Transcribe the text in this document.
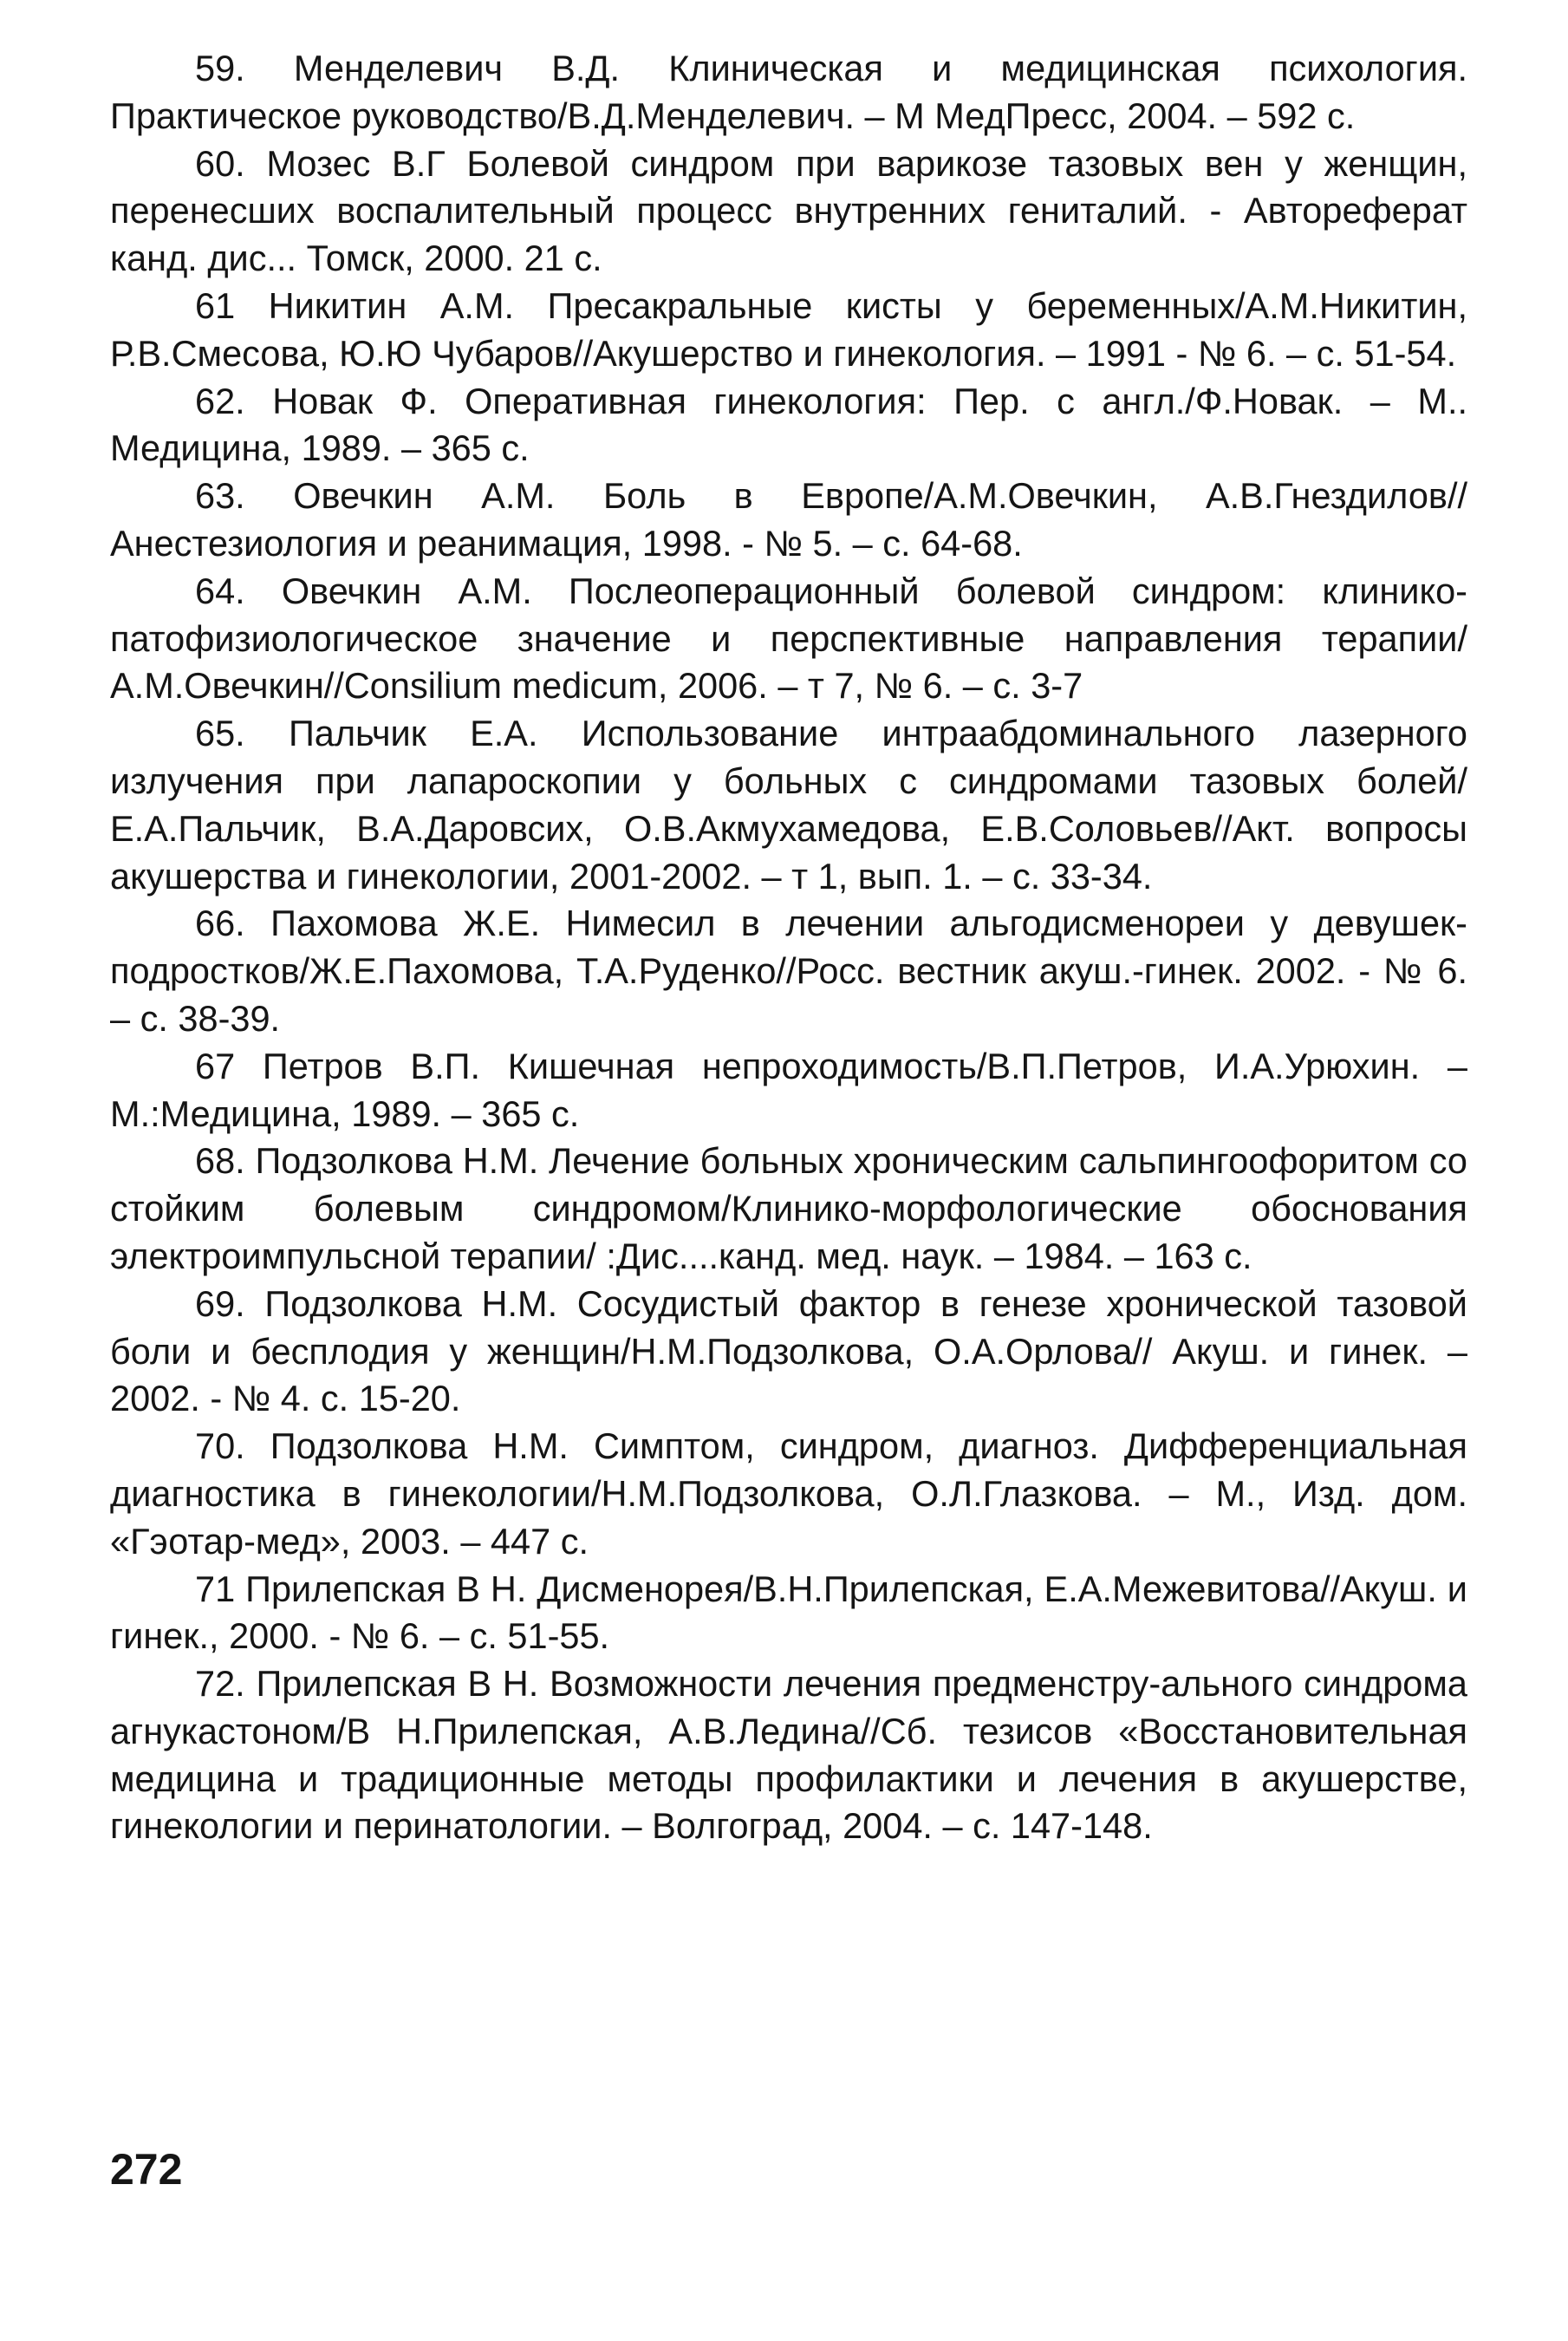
59. Менделевич В.Д. Клиническая и медицинская психология. Практическое руководство/В.Д.Менделевич. – М МедПресс, 2004. – 592 с.
60. Мозес В.Г Болевой синдром при варикозе тазовых вен у женщин, перенесших воспалительный процесс внутренних гениталий. - Автореферат канд. дис... Томск, 2000. 21 с.
61 Никитин А.М. Пресакральные кисты у беременных/А.М.Никитин, Р.В.Смесова, Ю.Ю Чубаров//Акушерство и гинекология. – 1991 - № 6. – с. 51-54.
62. Новак Ф. Оперативная гинекология: Пер. с англ./Ф.Новак. – М.. Медицина, 1989. – 365 с.
63. Овечкин А.М. Боль в Европе/А.М.Овечкин, А.В.Гнездилов// Анестезиология и реанимация, 1998. - № 5. – с. 64-68.
64. Овечкин А.М. Послеоперационный болевой синдром: клинико-патофизиологическое значение и перспективные направления терапии/ А.М.Овечкин//Consilium medicum, 2006. – т 7, № 6. – с. 3-7
65. Пальчик Е.А. Использование интраабдоминального лазерного излучения при лапароскопии у больных с синдромами тазовых болей/ Е.А.Пальчик, В.А.Даровсих, О.В.Акмухамедова, Е.В.Соловьев//Акт. вопросы акушерства и гинекологии, 2001-2002. – т 1, вып. 1. – с. 33-34.
66. Пахомова Ж.Е. Нимесил в лечении альгодисменореи у девушек-подростков/Ж.Е.Пахомова, Т.А.Руденко//Росс. вестник акуш.-гинек. 2002. - № 6. – с. 38-39.
67 Петров В.П. Кишечная непроходимость/В.П.Петров, И.А.Урюхин. – М.:Медицина, 1989. – 365 с.
68. Подзолкова Н.М. Лечение больных хроническим сальпингоофоритом со стойким болевым синдромом/Клинико-морфологические обоснования электроимпульсной терапии/ :Дис....канд. мед. наук. – 1984. – 163 с.
69. Подзолкова Н.М. Сосудистый фактор в генезе хронической тазовой боли и бесплодия у женщин/Н.М.Подзолкова, О.А.Орлова// Акуш. и гинек. – 2002. - № 4. с. 15-20.
70. Подзолкова Н.М. Симптом, синдром, диагноз. Дифференциальная диагностика в гинекологии/Н.М.Подзолкова, О.Л.Глазкова. – М., Изд. дом. «Гэотар-мед», 2003. – 447 с.
71 Прилепская В Н. Дисменорея/В.Н.Прилепская, Е.А.Межевитова//Акуш. и гинек., 2000. - № 6. – с. 51-55.
72. Прилепская В Н. Возможности лечения предменстру-ального синдрома агнукастоном/В Н.Прилепская, А.В.Ледина//Сб. тезисов «Восстановительная медицина и традиционные методы профилактики и лечения в акушерстве, гинекологии и перинатологии. – Волгоград, 2004. – с. 147-148.
272
